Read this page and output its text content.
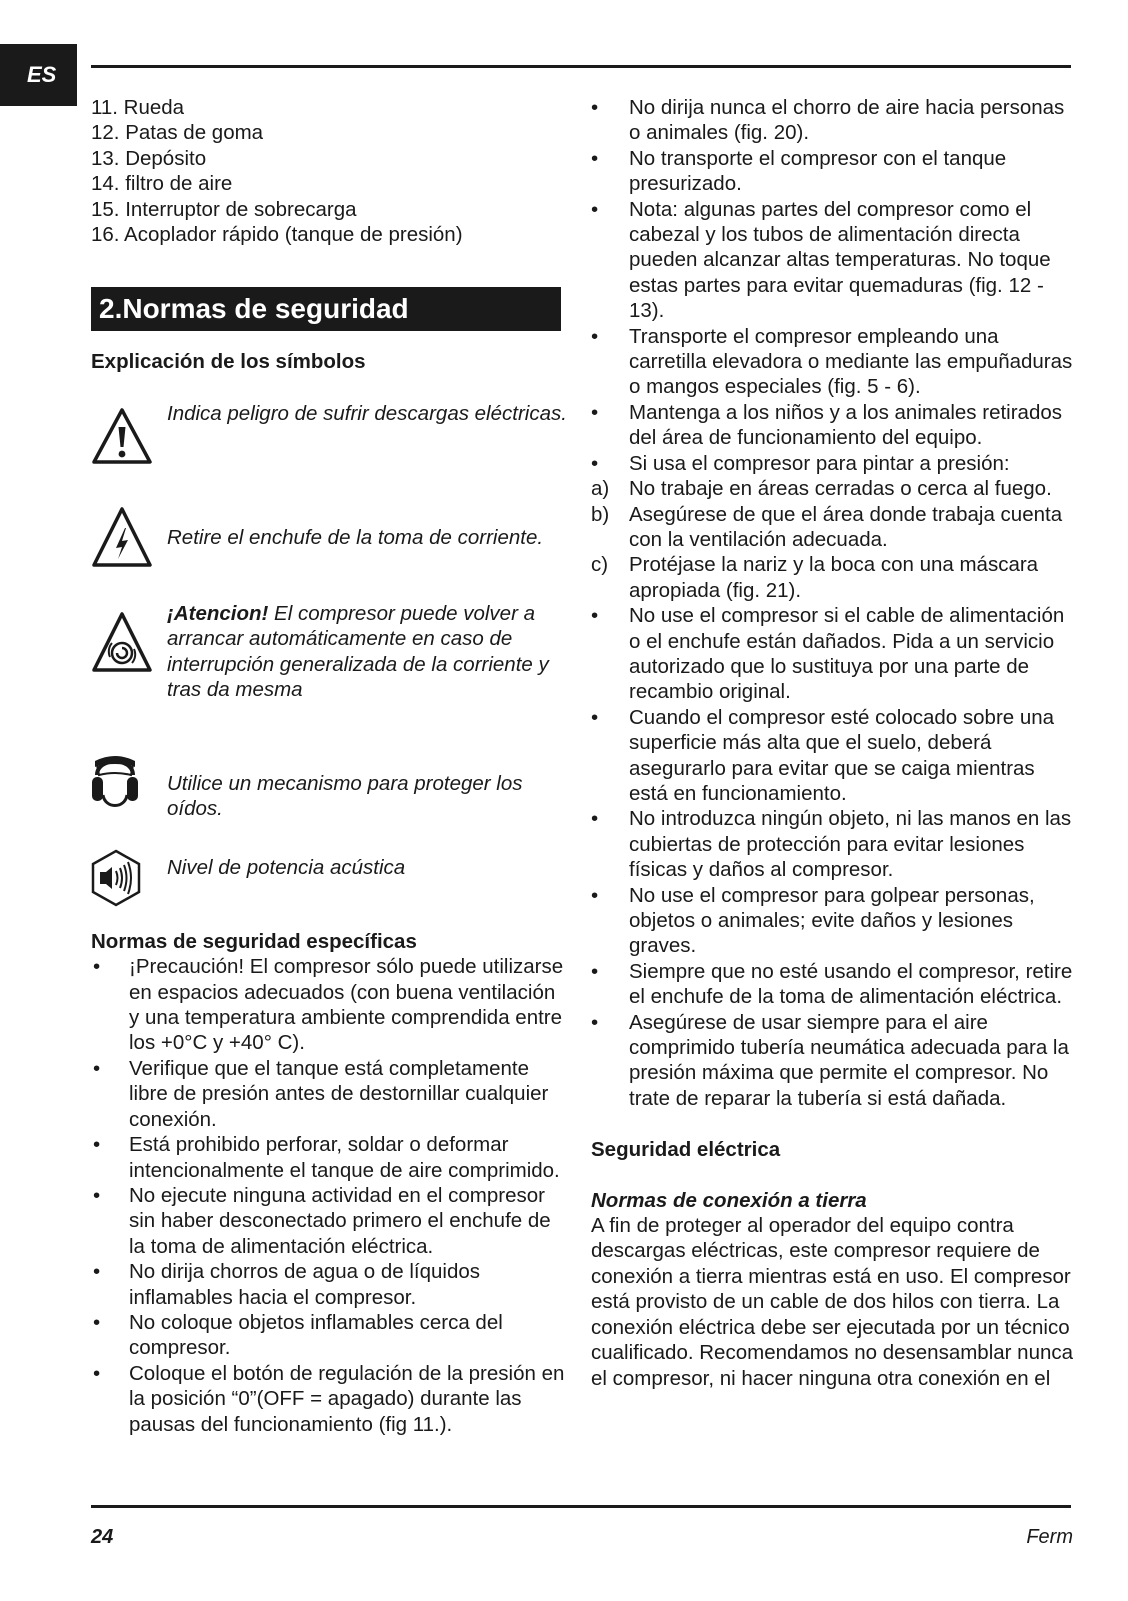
ES
11. Rueda
12. Patas de goma
13. Depósito
14. filtro de aire
15. Interruptor de sobrecarga
16. Acoplador rápido (tanque de presión)
2.Normas de seguridad
Explicación de los símbolos

Indica peligro de sufrir descargas eléctricas.

Retire el enchufe de la toma de corriente.

¡Atencion! El compresor puede volver a arrancar automáticamente en caso de interrupción generalizada de la corriente y tras da mesma

Utilice un mecanismo para proteger los oídos.

Nivel de potencia acústica

Normas de seguridad específicas
•	¡Precaución! El compresor sólo puede utilizarse en espacios adecuados (con buena ventilación y una temperatura ambiente comprendida entre los +0°C y +40° C).
•	Verifique que el tanque está completamente libre de presión antes de destornillar cualquier conexión.
•	Está prohibido perforar, soldar o deformar intencionalmente el tanque de aire comprimido.
•	No ejecute ninguna actividad en el compresor sin haber desconectado primero el enchufe de la toma de alimentación eléctrica.
•	No dirija chorros de agua o de líquidos inflamables hacia el compresor.
•	No coloque objetos inflamables cerca del compresor.
•	Coloque el botón de regulación de la presión en la posición “0”(OFF = apagado) durante las pausas del funcionamiento (fig 11.).
•	No dirija nunca el chorro de aire hacia personas o animales (fig. 20).
•	No transporte el compresor con el tanque presurizado.
•	Nota: algunas partes del compresor como el cabezal y los tubos de alimentación directa pueden alcanzar altas temperaturas. No toque estas partes para evitar quemaduras (fig. 12 - 13).
•	Transporte el compresor empleando una carretilla elevadora o mediante las empuñaduras o mangos especiales (fig. 5 - 6).
•	Mantenga a los niños y a los animales retirados del área de funcionamiento del equipo.
•	Si usa el compresor para pintar a presión:
a) No trabaje en áreas cerradas o cerca al fuego.
b) Asegúrese de que el área donde trabaja cuenta con la ventilación adecuada.
c)	Protéjase la nariz y la boca con una máscara apropiada (fig. 21).
•	No use el compresor si el cable de alimentación o el enchufe están dañados. Pida a un servicio autorizado que lo sustituya por una parte de recambio original.
•	Cuando el compresor esté colocado sobre una superficie más alta que el suelo, deberá asegurarlo para evitar que se caiga mientras está en funcionamiento.
•	No introduzca ningún objeto, ni las manos en las cubiertas de protección para evitar lesiones físicas y daños al compresor.
•	No use el compresor para golpear personas, objetos o animales; evite daños y lesiones graves.
•	Siempre que no esté usando el compresor, retire el enchufe de la toma de alimentación eléctrica.
•	Asegúrese de usar siempre para el aire comprimido tubería neumática adecuada para la presión máxima que permite el compresor. No trate de reparar la tubería si está dañada.
Seguridad eléctrica
Normas de conexión a tierra
A fin de proteger al operador del equipo contra descargas eléctricas, este compresor requiere de conexión a tierra mientras está en uso. El compresor está provisto de un cable de dos hilos con tierra. La conexión eléctrica debe ser ejecutada por un técnico cualificado. Recomendamos no desensamblar nunca el compresor, ni hacer ninguna otra conexión en el
24	Ferm
